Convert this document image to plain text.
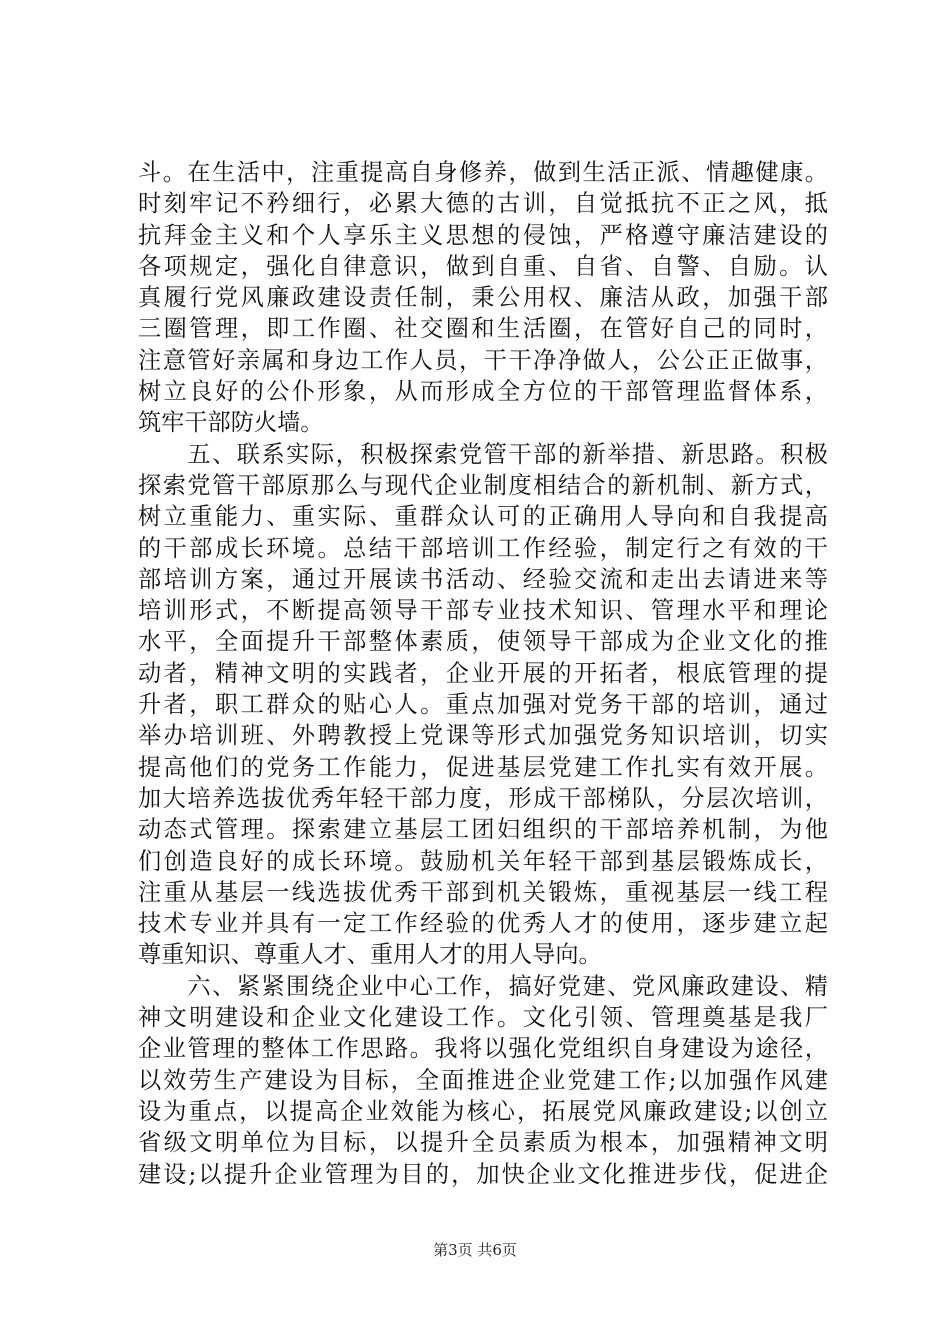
斗。在生活中，注重提高自身修养，做到生活正派、情趣健康。
时刻牢记不矜细行，必累大德的古训，自觉抵抗不正之风，抵
抗拜金主义和个人享乐主义思想的侵蚀，严格遵守廉洁建设的
各项规定，强化自律意识，做到自重、自省、自警、自励。认
真履行党风廉政建设责任制，秉公用权、廉洁从政，加强干部
三圈管理，即工作圈、社交圈和生活圈，在管好自己的同时，
注意管好亲属和身边工作人员，干干净净做人，公公正正做事，
树立良好的公仆形象，从而形成全方位的干部管理监督体系，
筑牢干部防火墙。
　　五、联系实际，积极探索党管干部的新举措、新思路。积极
探索党管干部原那么与现代企业制度相结合的新机制、新方式，
树立重能力、重实际、重群众认可的正确用人导向和自我提高
的干部成长环境。总结干部培训工作经验，制定行之有效的干
部培训方案，通过开展读书活动、经验交流和走出去请进来等
培训形式，不断提高领导干部专业技术知识、管理水平和理论
水平，全面提升干部整体素质，使领导干部成为企业文化的推
动者，精神文明的实践者，企业开展的开拓者，根底管理的提
升者，职工群众的贴心人。重点加强对党务干部的培训，通过
举办培训班、外聘教授上党课等形式加强党务知识培训，切实
提高他们的党务工作能力，促进基层党建工作扎实有效开展。
加大培养选拔优秀年轻干部力度，形成干部梯队，分层次培训，
动态式管理。探索建立基层工团妇组织的干部培养机制，为他
们创造良好的成长环境。鼓励机关年轻干部到基层锻炼成长，
注重从基层一线选拔优秀干部到机关锻炼，重视基层一线工程
技术专业并具有一定工作经验的优秀人才的使用，逐步建立起
尊重知识、尊重人才、重用人才的用人导向。
　　六、紧紧围绕企业中心工作，搞好党建、党风廉政建设、精
神文明建设和企业文化建设工作。文化引领、管理奠基是我厂
企业管理的整体工作思路。我将以强化党组织自身建设为途径，
以效劳生产建设为目标，全面推进企业党建工作;以加强作风建
设为重点，以提高企业效能为核心，拓展党风廉政建设;以创立
省级文明单位为目标，以提升全员素质为根本，加强精神文明
建设;以提升企业管理为目的，加快企业文化推进步伐，促进企
第3页 共6页
